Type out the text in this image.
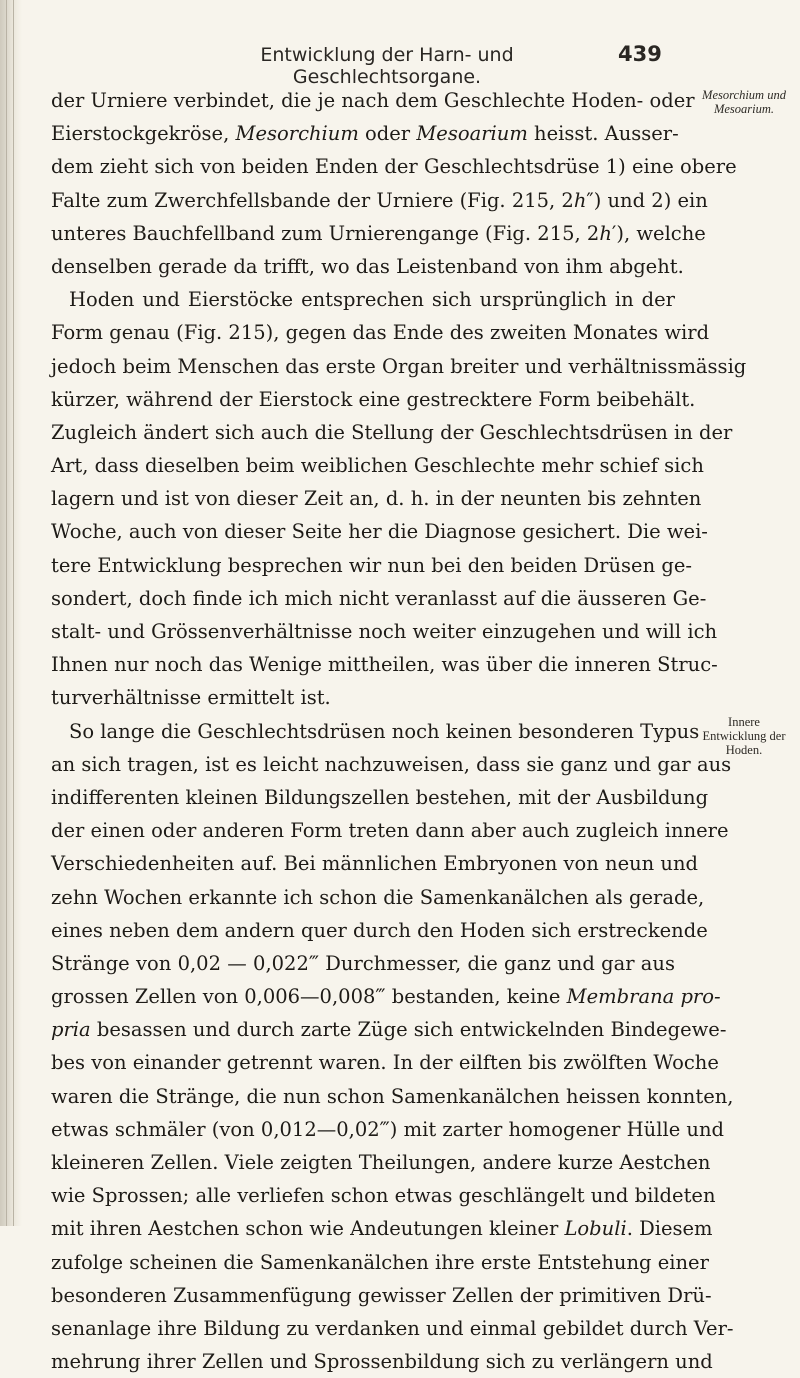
Entwicklung der Harn- und Geschlechtsorgane.
439
Mesorchium und
Mesoarium.
Innere
Entwicklung der
Hoden.
der Urniere verbindet, die je nach dem Geschlechte Hoden- oder
Eierstockgekröse, Mesorchium oder Mesoarium heisst. Ausser-
dem zieht sich von beiden Enden der Geschlechtsdrüse 1) eine obere
Falte zum Zwerchfellsbande der Urniere (Fig. 215, 2h″) und 2) ein
unteres Bauchfellband zum Urnierengange (Fig. 215, 2h′), welche
denselben gerade da trifft, wo das Leistenband von ihm abgeht.
Hoden und Eierstöcke entsprechen sich ursprünglich in der
Form genau (Fig. 215), gegen das Ende des zweiten Monates wird
jedoch beim Menschen das erste Organ breiter und verhältnissmässig
kürzer, während der Eierstock eine gestrecktere Form beibehält.
Zugleich ändert sich auch die Stellung der Geschlechtsdrüsen in der
Art, dass dieselben beim weiblichen Geschlechte mehr schief sich
lagern und ist von dieser Zeit an, d. h. in der neunten bis zehnten
Woche, auch von dieser Seite her die Diagnose gesichert. Die wei-
tere Entwicklung besprechen wir nun bei den beiden Drüsen ge-
sondert, doch finde ich mich nicht veranlasst auf die äusseren Ge-
stalt- und Grössenverhältnisse noch weiter einzugehen und will ich
Ihnen nur noch das Wenige mittheilen, was über die inneren Struc-
turverhältnisse ermittelt ist.
So lange die Geschlechtsdrüsen noch keinen besonderen Typus
an sich tragen, ist es leicht nachzuweisen, dass sie ganz und gar aus
indifferenten kleinen Bildungszellen bestehen, mit der Ausbildung
der einen oder anderen Form treten dann aber auch zugleich innere
Verschiedenheiten auf. Bei männlichen Embryonen von neun und
zehn Wochen erkannte ich schon die Samenkanälchen als gerade,
eines neben dem andern quer durch den Hoden sich erstreckende
Stränge von 0,02 — 0,022‴ Durchmesser, die ganz und gar aus
grossen Zellen von 0,006—0,008‴ bestanden, keine Membrana pro-
pria besassen und durch zarte Züge sich entwickelnden Bindegewe-
bes von einander getrennt waren. In der eilften bis zwölften Woche
waren die Stränge, die nun schon Samenkanälchen heissen konnten,
etwas schmäler (von 0,012—0,02‴) mit zarter homogener Hülle und
kleineren Zellen. Viele zeigten Theilungen, andere kurze Aestchen
wie Sprossen; alle verliefen schon etwas geschlängelt und bildeten
mit ihren Aestchen schon wie Andeutungen kleiner Lobuli. Diesem
zufolge scheinen die Samenkanälchen ihre erste Entstehung einer
besonderen Zusammenfügung gewisser Zellen der primitiven Drü-
senanlage ihre Bildung zu verdanken und einmal gebildet durch Ver-
mehrung ihrer Zellen und Sprossenbildung sich zu verlängern und
